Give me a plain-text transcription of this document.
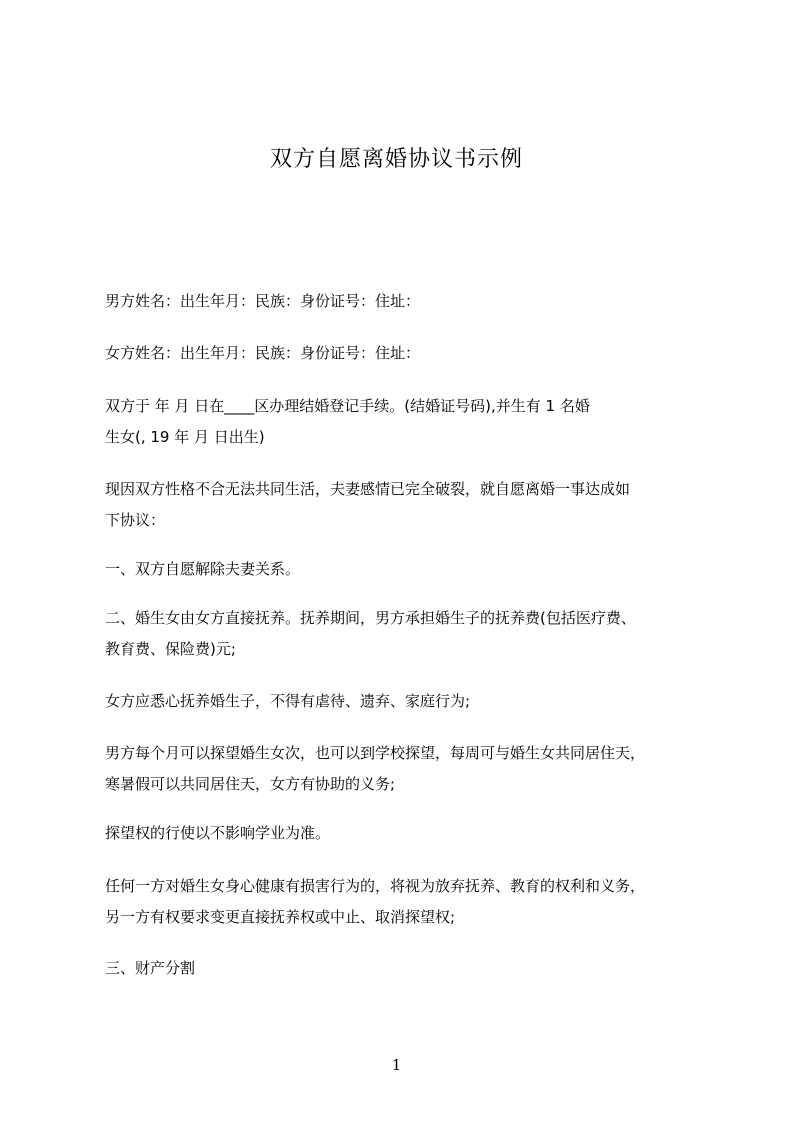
双方自愿离婚协议书示例

男方姓名：出生年月：民族：身份证号：住址：

女方姓名：出生年月：民族：身份证号：住址：

双方于 年 月 日在____区办理结婚登记手续。(结婚证号码),并生有 1 名婚
生女(, 19 年 月 日出生)

现因双方性格不合无法共同生活，夫妻感情已完全破裂，就自愿离婚一事达成如
下协议：

一、双方自愿解除夫妻关系。

二、婚生女由女方直接抚养。抚养期间，男方承担婚生子的抚养费(包括医疗费、
教育费、保险费)元;

女方应悉心抚养婚生子，不得有虐待、遗弃、家庭行为;

男方每个月可以探望婚生女次，也可以到学校探望，每周可与婚生女共同居住天，
寒暑假可以共同居住天，女方有协助的义务;

探望权的行使以不影响学业为准。

任何一方对婚生女身心健康有损害行为的，将视为放弃抚养、教育的权利和义务，
另一方有权要求变更直接抚养权或中止、取消探望权;

三、财产分割

1
